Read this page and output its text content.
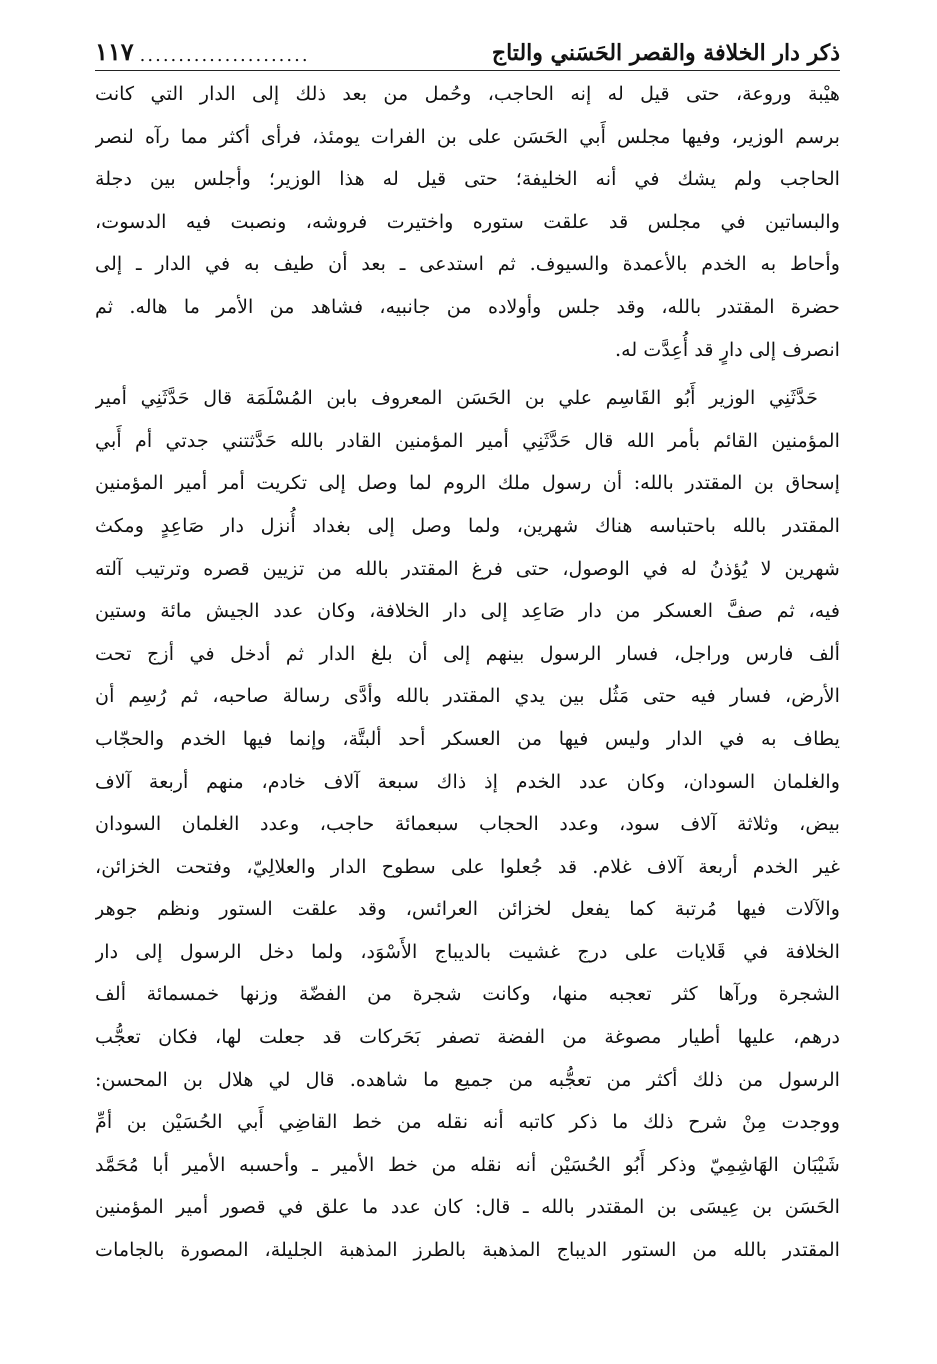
ذكر دار الخلافة والقصر الحَسَني والتاج
......................
١١٧
هيْبة وروعة، حتى قيل له إنه الحاجب، وحُمل من بعد ذلك إلى الدار التي كانت
برسم الوزير، وفيها مجلس أَبي الحَسَن على بن الفرات يومئذ، فرأى أكثر مما رآه لنصر
الحاجب ولم يشك في أنه الخليفة؛ حتى قيل له هذا الوزير؛ وأجلس بين دجلة
والبساتين في مجلس قد علقت ستوره واختيرت فروشه، ونصبت فيه الدسوت،
وأحاط به الخدم بالأعمدة والسيوف. ثم استدعى ـ بعد أن طيف به في الدار ـ إلى
حضرة المقتدر بالله، وقد جلس وأولاده من جانبيه، فشاهد من الأمر ما هاله. ثم
انصرف إلى دارٍ قد أُعِدَّت له.
حَدَّثَنِي الوزير أَبُو القَاسِم علي بن الحَسَن المعروف بابن المُسْلَمَة قال حَدَّثَنِي أمير
المؤمنين القائم بأمر الله قال حَدَّثَنِي أمير المؤمنين القادر بالله حَدَّثتني جدتي أم أَبي
إسحاق بن المقتدر بالله: أن رسول ملك الروم لما وصل إلى تكريت أمر أمير المؤمنين
المقتدر بالله باحتباسه هناك شهرين، ولما وصل إلى بغداد أُنزل دار صَاعِدٍ ومكث
شهرين لا يُؤذنُ له في الوصول، حتى فرغ المقتدر بالله من تزيين قصره وترتيب آلته
فيه، ثم صفَّ العسكر من دار صَاعِد إلى دار الخلافة، وكان عدد الجيش مائة وستين
ألف فارس وراجل، فسار الرسول بينهم إلى أن بلغ الدار ثم أدخل في أزج تحت
الأرض، فسار فيه حتى مَثُل بين يدي المقتدر بالله وأدَّى رسالة صاحبه، ثم رُسِم أن
يطاف به في الدار وليس فيها من العسكر أحد ألبتَّة، وإنما فيها الخدم والحجّاب
والغلمان السودان، وكان عدد الخدم إذ ذاك سبعة آلاف خادم، منهم أربعة آلاف
بيض، وثلاثة آلاف سود، وعدد الحجاب سبعمائة حاجب، وعدد الغلمان السودان
غير الخدم أربعة آلاف غلام. قد جُعلوا على سطوح الدار والعلالِيّ، وفتحت الخزائن،
والآلات فيها مُرتبة كما يفعل لخزائن العرائس، وقد علقت الستور ونظم جوهر
الخلافة في قَلايات على درج غشيت بالديباج الأَسْوَد، ولما دخل الرسول إلى دار
الشجرة ورآها كثر تعجبه منها، وكانت شجرة من الفضّة وزنها خمسمائة ألف
درهم، عليها أطيار مصوغة من الفضة تصفر بَحَركات قد جعلت لها، فكان تعجُّب
الرسول من ذلك أكثر من تعجُّبه من جميع ما شاهده. قال لي هلال بن المحسن:
ووجدت مِنْ شرح ذلك ما ذكر كاتبه أنه نقله من خط القاضِي أَبي الحُسَيْن بن أمِّ
شَيْبَان الهَاشِمِيّ وذكر أَبُو الحُسَيْن أنه نقله من خط الأمير ـ وأحسبه الأمير أبا مُحَمَّد
الحَسَن بن عِيسَى بن المقتدر بالله ـ قال: كان عدد ما علق في قصور أمير المؤمنين
المقتدر بالله من الستور الديباج المذهبة بالطرز المذهبة الجليلة، المصورة بالجامات
